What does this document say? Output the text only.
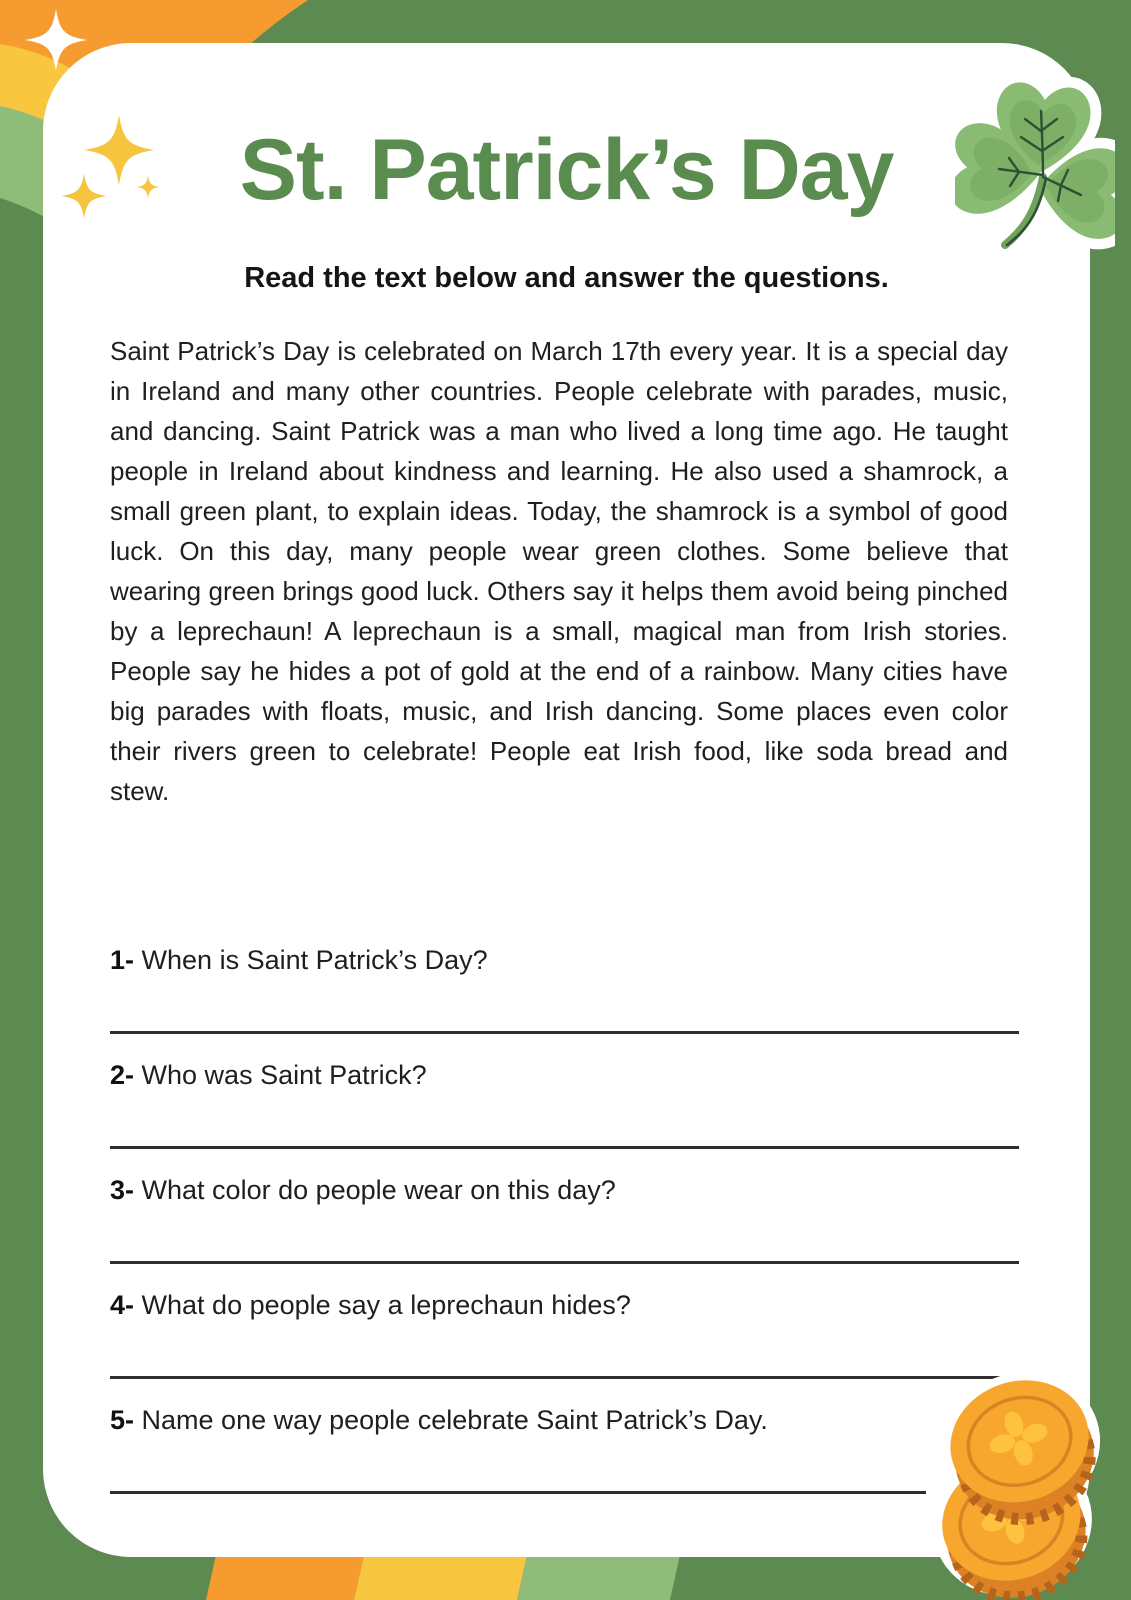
St. Patrick’s Day

Read the text below and answer the questions.

Saint Patrick’s Day is celebrated on March 17th every year. It is a special day in Ireland and many other countries. People celebrate with parades, music, and dancing. Saint Patrick was a man who lived a long time ago. He taught people in Ireland about kindness and learning. He also used a shamrock, a small green plant, to explain ideas. Today, the shamrock is a symbol of good luck. On this day, many people wear green clothes. Some believe that wearing green brings good luck. Others say it helps them avoid being pinched by a leprechaun! A leprechaun is a small, magical man from Irish stories. People say he hides a pot of gold at the end of a rainbow. Many cities have big parades with floats, music, and Irish dancing. Some places even color their rivers green to celebrate! People eat Irish food, like soda bread and stew.

1- When is Saint Patrick’s Day?

2- Who was Saint Patrick?

3- What color do people wear on this day?

4- What do people say a leprechaun hides?

5- Name one way people celebrate Saint Patrick’s Day.
